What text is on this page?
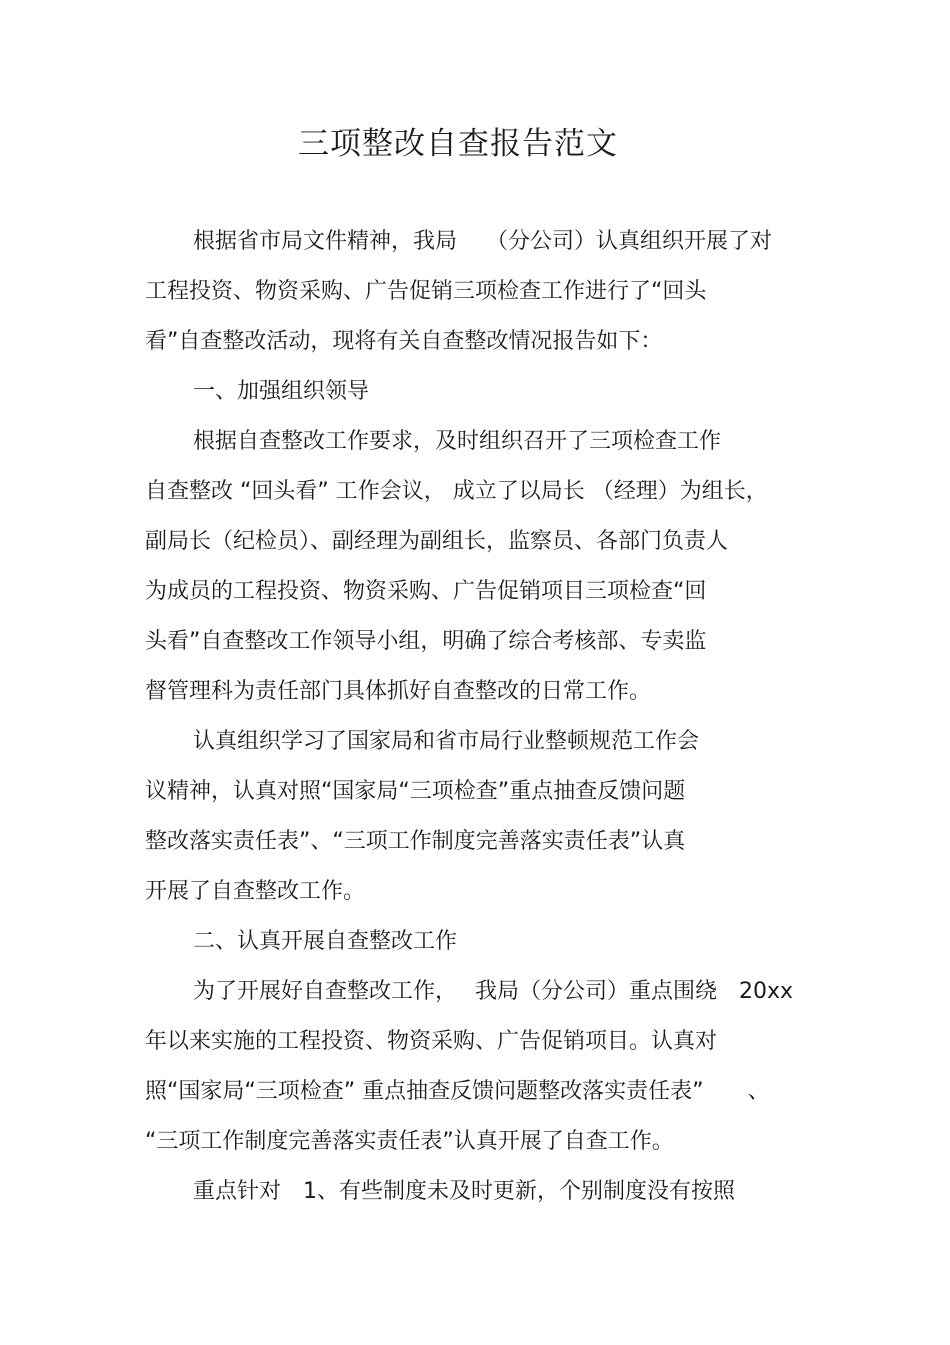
三项整改自查报告范文

根据省市局文件精神，我局　 （分公司）认真组织开展了对

工程投资、物资采购、广告促销三项检查工作进行了“回头

看”自查整改活动，现将有关自查整改情况报告如下：

一、加强组织领导

根据自查整改工作要求，及时组织召开了三项检查工作

自查整改 “回头看” 工作会议， 成立了以局长 （经理）为组长，

副局长（纪检员）、副经理为副组长，监察员、各部门负责人

为成员的工程投资、物资采购、广告促销项目三项检查“回

头看”自查整改工作领导小组，明确了综合考核部、专卖监

督管理科为责任部门具体抓好自查整改的日常工作。

认真组织学习了国家局和省市局行业整顿规范工作会

议精神，认真对照“国家局“三项检查”重点抽查反馈问题

整改落实责任表”、“三项工作制度完善落实责任表”认真

开展了自查整改工作。

二、认真开展自查整改工作

为了开展好自查整改工作，　 我局（分公司）重点围绕　20xx

年以来实施的工程投资、物资采购、广告促销项目。认真对

照“国家局“三项检查” 重点抽查反馈问题整改落实责任表”　　、

“三项工作制度完善落实责任表”认真开展了自查工作。

重点针对　1、有些制度未及时更新，个别制度没有按照
